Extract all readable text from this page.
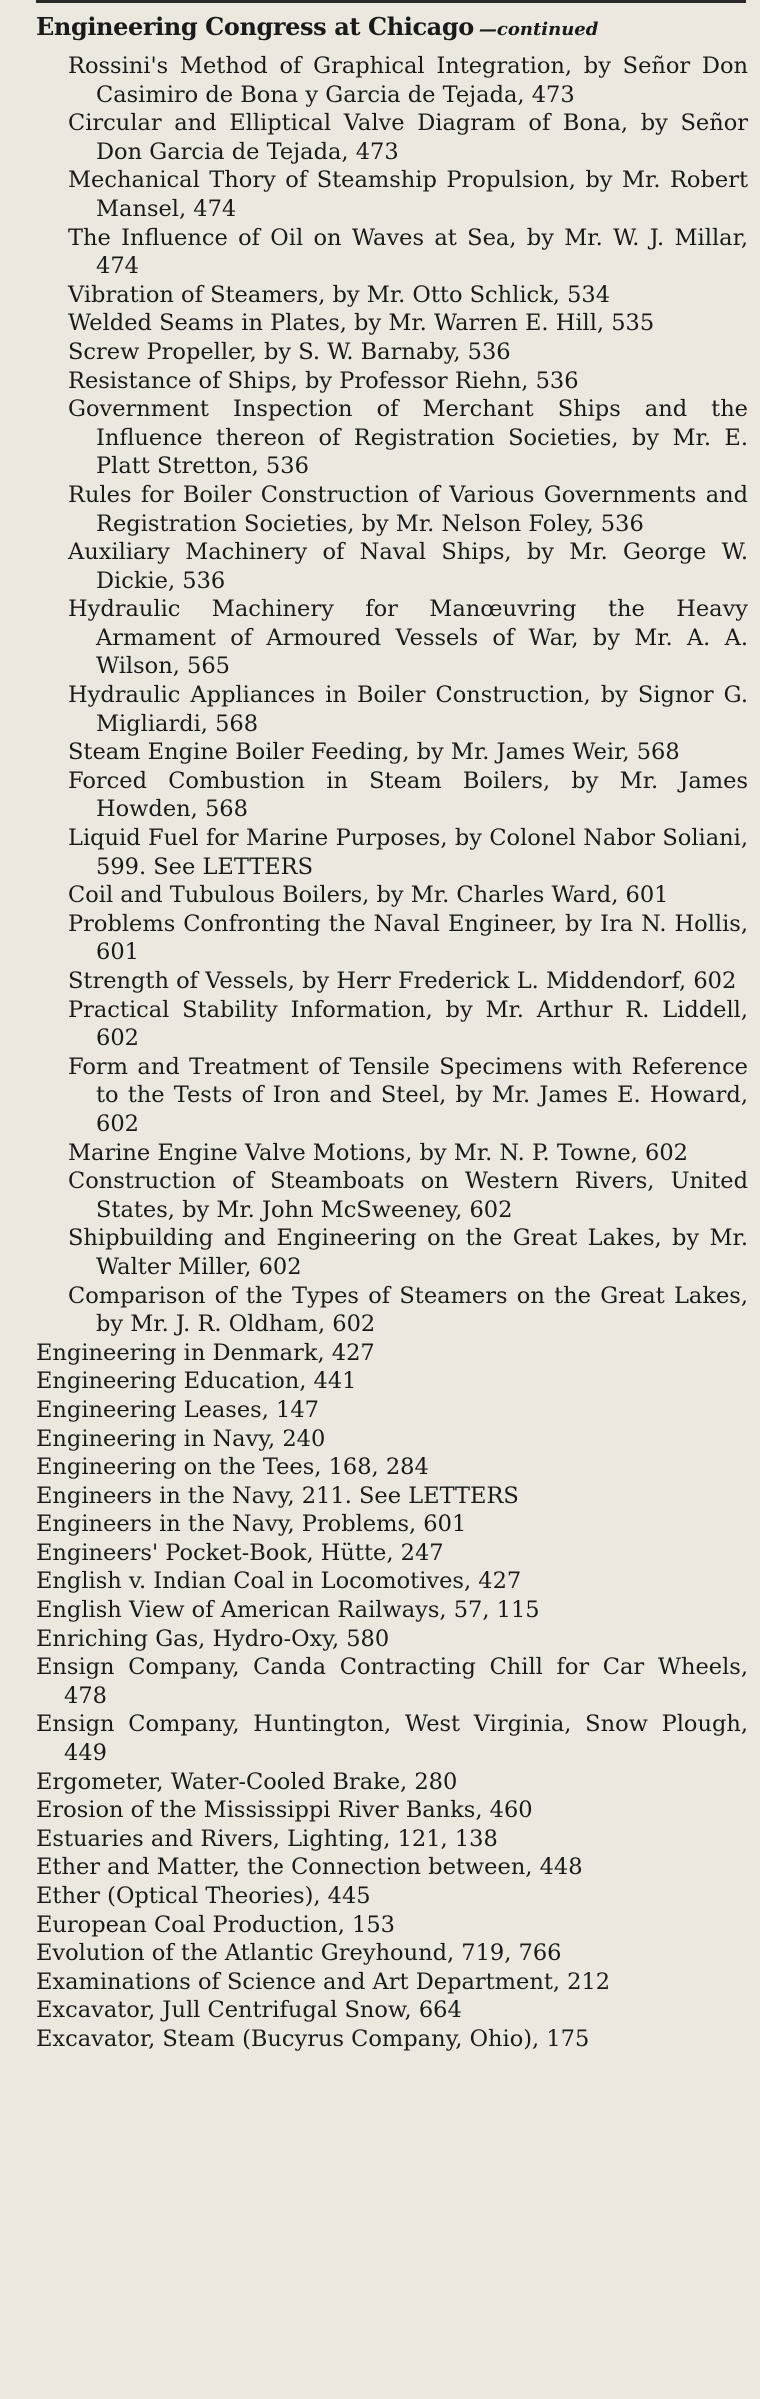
Engineering Congress at Chicago —continued

Rossini's Method of Graphical Integration, by Señor Don Casimiro de Bona y Garcia de Tejada, 473

Circular and Elliptical Valve Diagram of Bona, by Señor Don Garcia de Tejada, 473

Mechanical Thory of Steamship Propulsion, by Mr. Robert Mansel, 474

The Influence of Oil on Waves at Sea, by Mr. W. J. Millar, 474

Vibration of Steamers, by Mr. Otto Schlick, 534

Welded Seams in Plates, by Mr. Warren E. Hill, 535

Screw Propeller, by S. W. Barnaby, 536

Resistance of Ships, by Professor Riehn, 536

Government Inspection of Merchant Ships and the Influence thereon of Registration Societies, by Mr. E. Platt Stretton, 536

Rules for Boiler Construction of Various Governments and Registration Societies, by Mr. Nelson Foley, 536

Auxiliary Machinery of Naval Ships, by Mr. George W. Dickie, 536

Hydraulic Machinery for Manœuvring the Heavy Armament of Armoured Vessels of War, by Mr. A. A. Wilson, 565

Hydraulic Appliances in Boiler Construction, by Signor G. Migliardi, 568

Steam Engine Boiler Feeding, by Mr. James Weir, 568

Forced Combustion in Steam Boilers, by Mr. James Howden, 568

Liquid Fuel for Marine Purposes, by Colonel Nabor Soliani, 599. See LETTERS

Coil and Tubulous Boilers, by Mr. Charles Ward, 601

Problems Confronting the Naval Engineer, by Ira N. Hollis, 601

Strength of Vessels, by Herr Frederick L. Middendorf, 602

Practical Stability Information, by Mr. Arthur R. Liddell, 602

Form and Treatment of Tensile Specimens with Reference to the Tests of Iron and Steel, by Mr. James E. Howard, 602

Marine Engine Valve Motions, by Mr. N. P. Towne, 602

Construction of Steamboats on Western Rivers, United States, by Mr. John McSweeney, 602

Shipbuilding and Engineering on the Great Lakes, by Mr. Walter Miller, 602

Comparison of the Types of Steamers on the Great Lakes, by Mr. J. R. Oldham, 602

Engineering in Denmark, 427

Engineering Education, 441

Engineering Leases, 147

Engineering in Navy, 240

Engineering on the Tees, 168, 284

Engineers in the Navy, 211. See LETTERS

Engineers in the Navy, Problems, 601

Engineers' Pocket-Book, Hütte, 247

English v. Indian Coal in Locomotives, 427

English View of American Railways, 57, 115

Enriching Gas, Hydro-Oxy, 580

Ensign Company, Canda Contracting Chill for Car Wheels, 478

Ensign Company, Huntington, West Virginia, Snow Plough, 449

Ergometer, Water-Cooled Brake, 280

Erosion of the Mississippi River Banks, 460

Estuaries and Rivers, Lighting, 121, 138

Ether and Matter, the Connection between, 448

Ether (Optical Theories), 445

European Coal Production, 153

Evolution of the Atlantic Greyhound, 719, 766

Examinations of Science and Art Department, 212

Excavator, Jull Centrifugal Snow, 664

Excavator, Steam (Bucyrus Company, Ohio), 175
